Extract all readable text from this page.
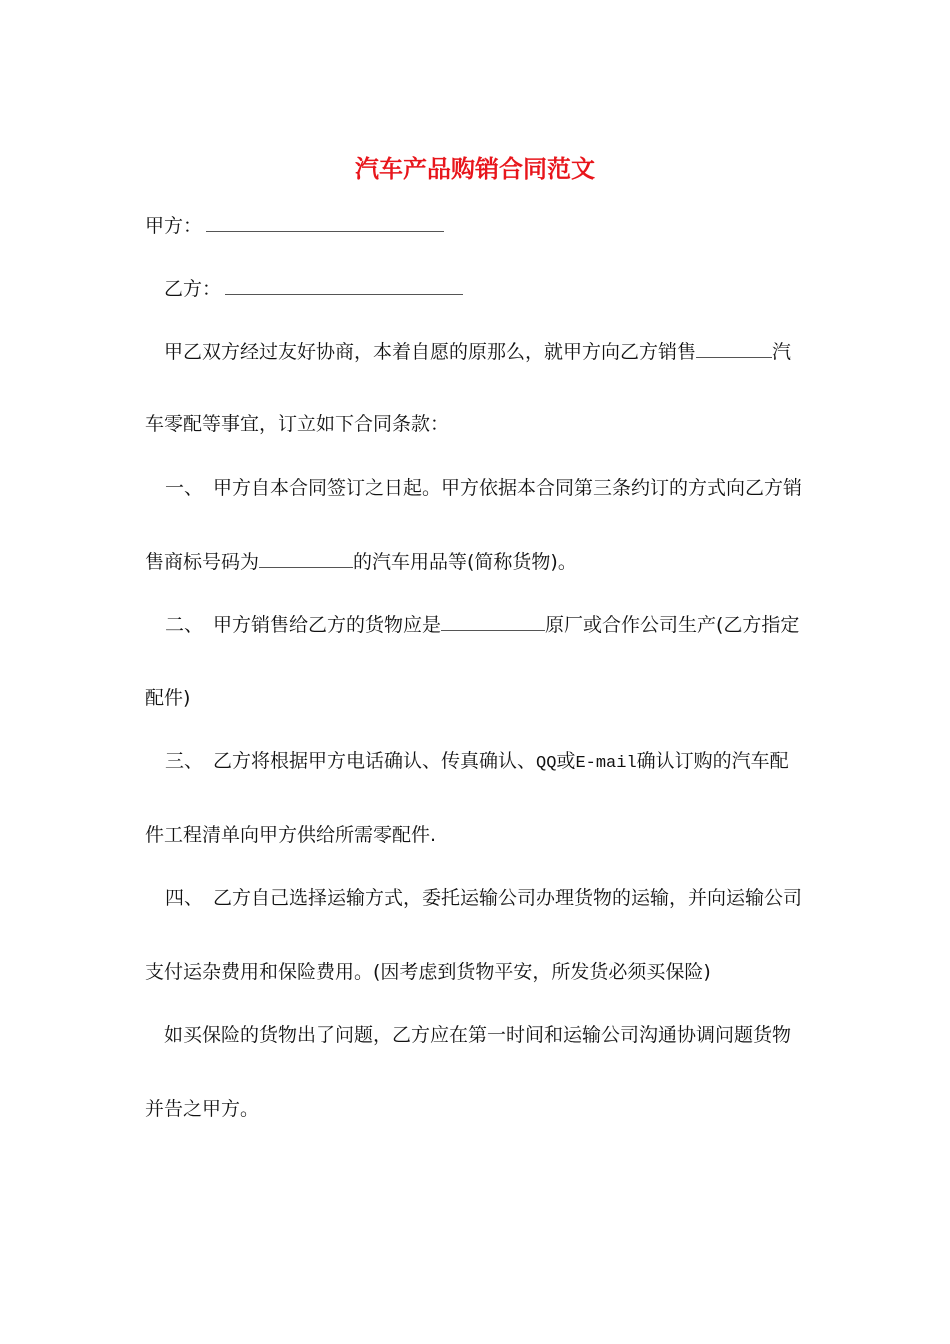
汽车产品购销合同范文
甲方：
乙方：
甲乙双方经过友好协商，本着自愿的原那么，就甲方向乙方销售	汽
车零配等事宜，订立如下合同条款：
一、 甲方自本合同签订之日起。甲方依据本合同第三条约订的方式向乙方销
售商标号码为	的汽车用品等(简称货物)。
二、 甲方销售给乙方的货物应是	原厂或合作公司生产(乙方指定
配件)
三、 乙方将根据甲方电话确认、传真确认、QQ或E-mail确认订购的汽车配
件工程清单向甲方供给所需零配件.
四、 乙方自己选择运输方式，委托运输公司办理货物的运输，并向运输公司
支付运杂费用和保险费用。(因考虑到货物平安，所发货必须买保险)
如买保险的货物出了问题，乙方应在第一时间和运输公司沟通协调问题货物
并告之甲方。
